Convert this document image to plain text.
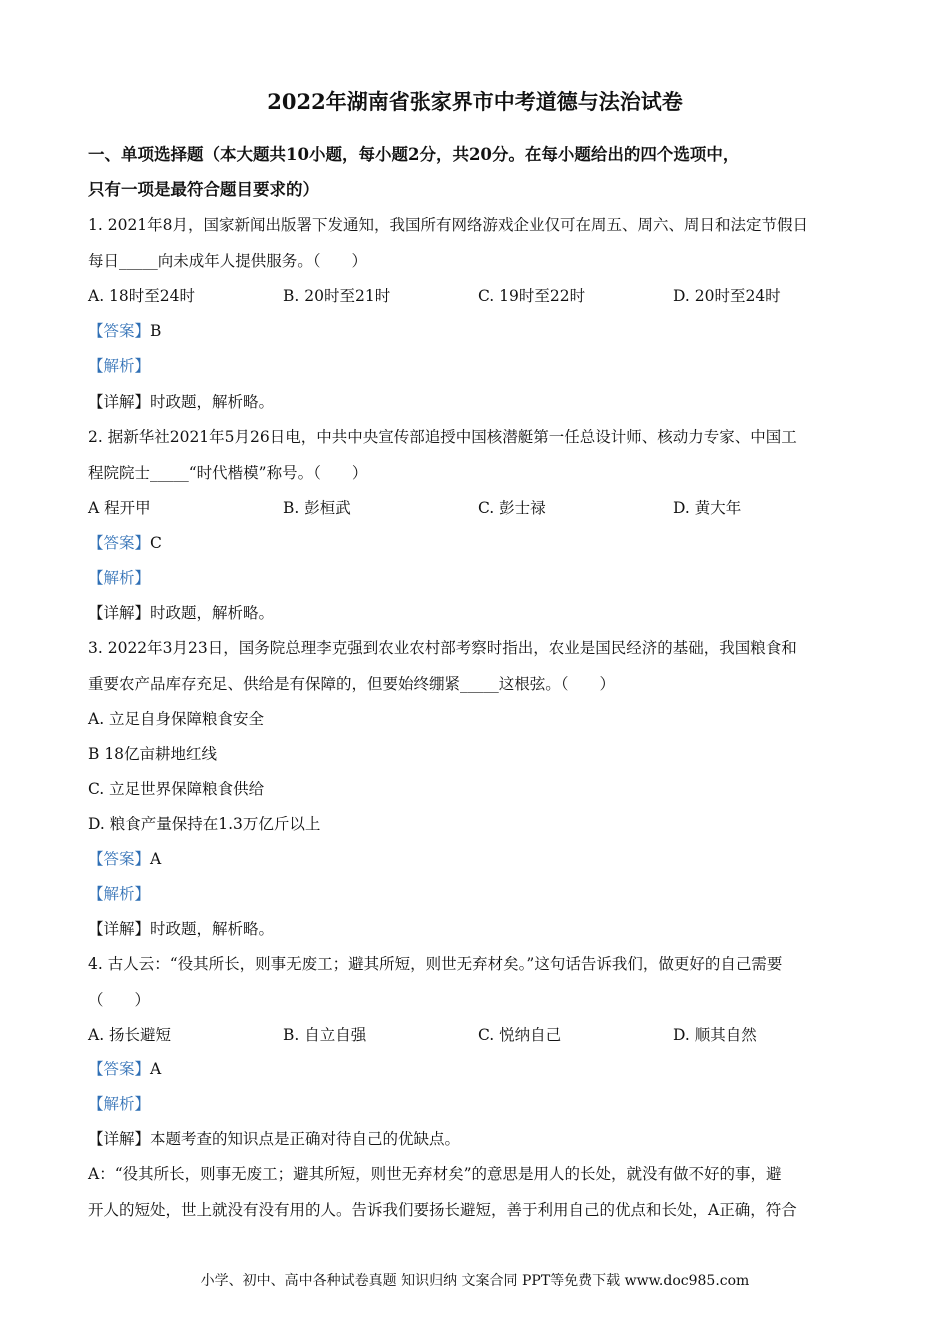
2022年湖南省张家界市中考道德与法治试卷
一、单项选择题（本大题共10小题，每小题2分，共20分。在每小题给出的四个选项中，
只有一项是最符合题目要求的）
1. 2021年8月，国家新闻出版署下发通知，我国所有网络游戏企业仅可在周五、周六、周日和法定节假日
每日_____向未成年人提供服务。（　　）
A. 18时至24时	B. 20时至21时	C. 19时至22时	D. 20时至24时
【答案】B
【解析】
【详解】时政题，解析略。
2. 据新华社2021年5月26日电，中共中央宣传部追授中国核潜艇第一任总设计师、核动力专家、中国工
程院院士_____“时代楷模”称号。（　　）
A 程开甲	B. 彭桓武	C. 彭士禄	D. 黄大年
【答案】C
【解析】
【详解】时政题，解析略。
3. 2022年3月23日，国务院总理李克强到农业农村部考察时指出，农业是国民经济的基础，我国粮食和
重要农产品库存充足、供给是有保障的，但要始终绷紧_____这根弦。（　　）
A. 立足自身保障粮食安全
B 18亿亩耕地红线
C. 立足世界保障粮食供给
D. 粮食产量保持在1.3万亿斤以上
【答案】A
【解析】
【详解】时政题，解析略。
4. 古人云：“役其所长，则事无废工；避其所短，则世无弃材矣。”这句话告诉我们，做更好的自己需要
（　　）
A. 扬长避短	B. 自立自强	C. 悦纳自己	D. 顺其自然
【答案】A
【解析】
【详解】本题考查的知识点是正确对待自己的优缺点。
A：“役其所长，则事无废工；避其所短，则世无弃材矣”的意思是用人的长处，就没有做不好的事，避
开人的短处，世上就没有没有用的人。告诉我们要扬长避短，善于利用自己的优点和长处，A正确，符合
小学、初中、高中各种试卷真题 知识归纳 文案合同 PPT等免费下载 www.doc985.com
